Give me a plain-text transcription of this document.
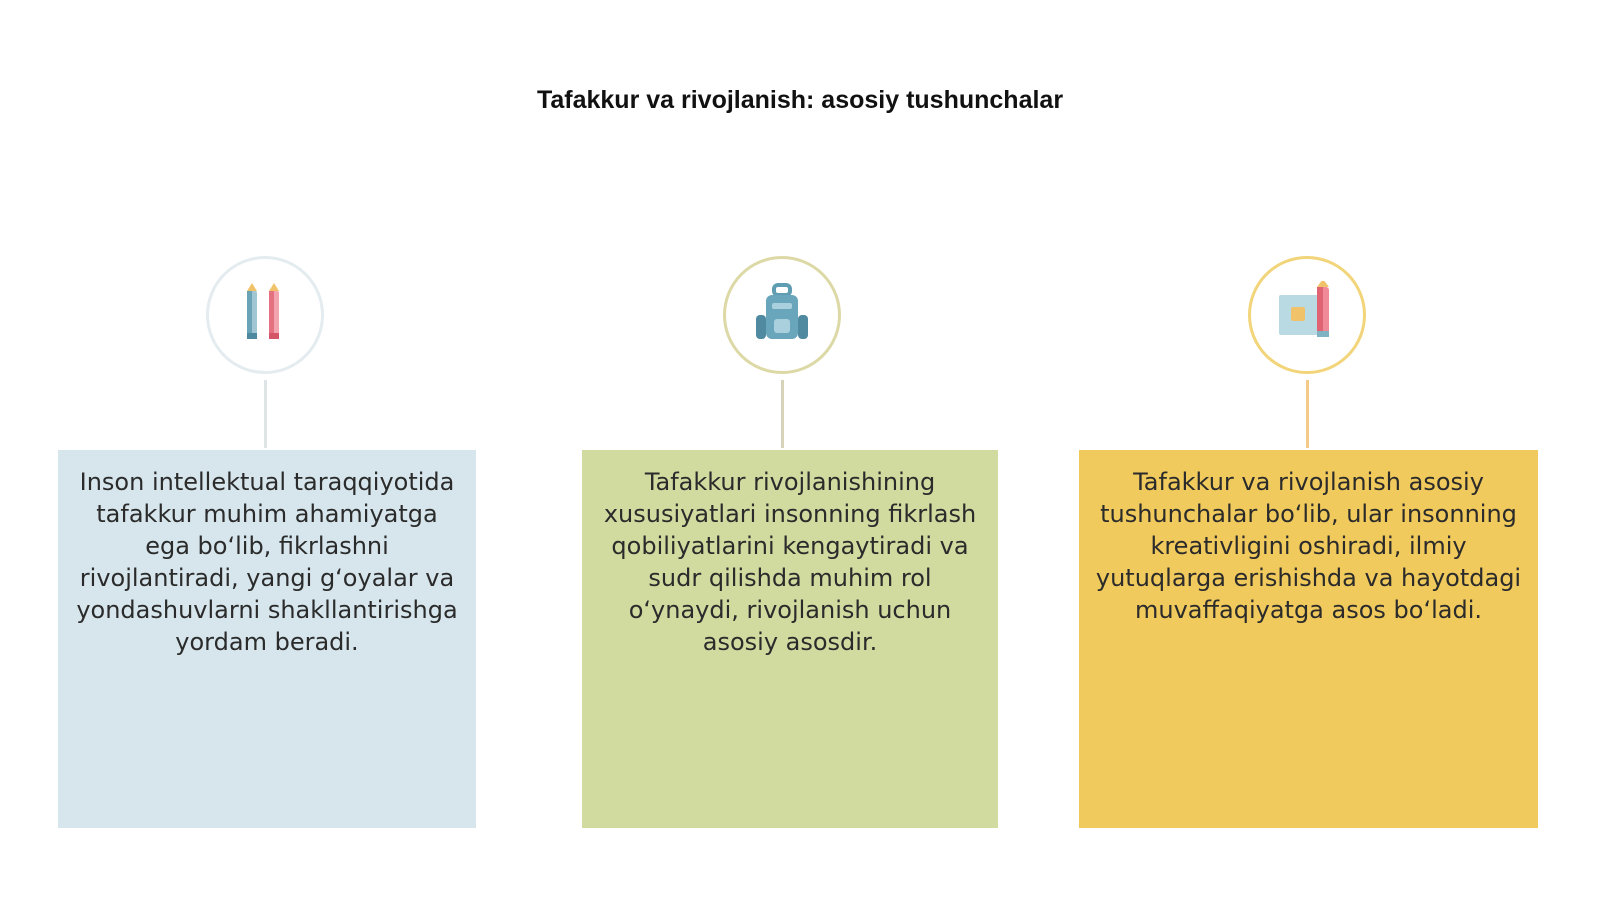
Tafakkur va rivojlanish: asosiy tushunchalar
Inson intellektual taraqqiyotida tafakkur muhim ahamiyatga ega bo‘lib, fikrlashni rivojlantiradi, yangi g‘oyalar va yondashuvlarni shakllantirishga yordam beradi.
Tafakkur rivojlanishining xususiyatlari insonning fikrlash qobiliyatlarini kengaytiradi va sudr qilishda muhim rol o‘ynaydi, rivojlanish uchun asosiy asosdir.
Tafakkur va rivojlanish asosiy tushunchalar bo‘lib, ular insonning kreativligini oshiradi, ilmiy yutuqlarga erishishda va hayotdagi muvaffaqiyatga asos bo‘ladi.
